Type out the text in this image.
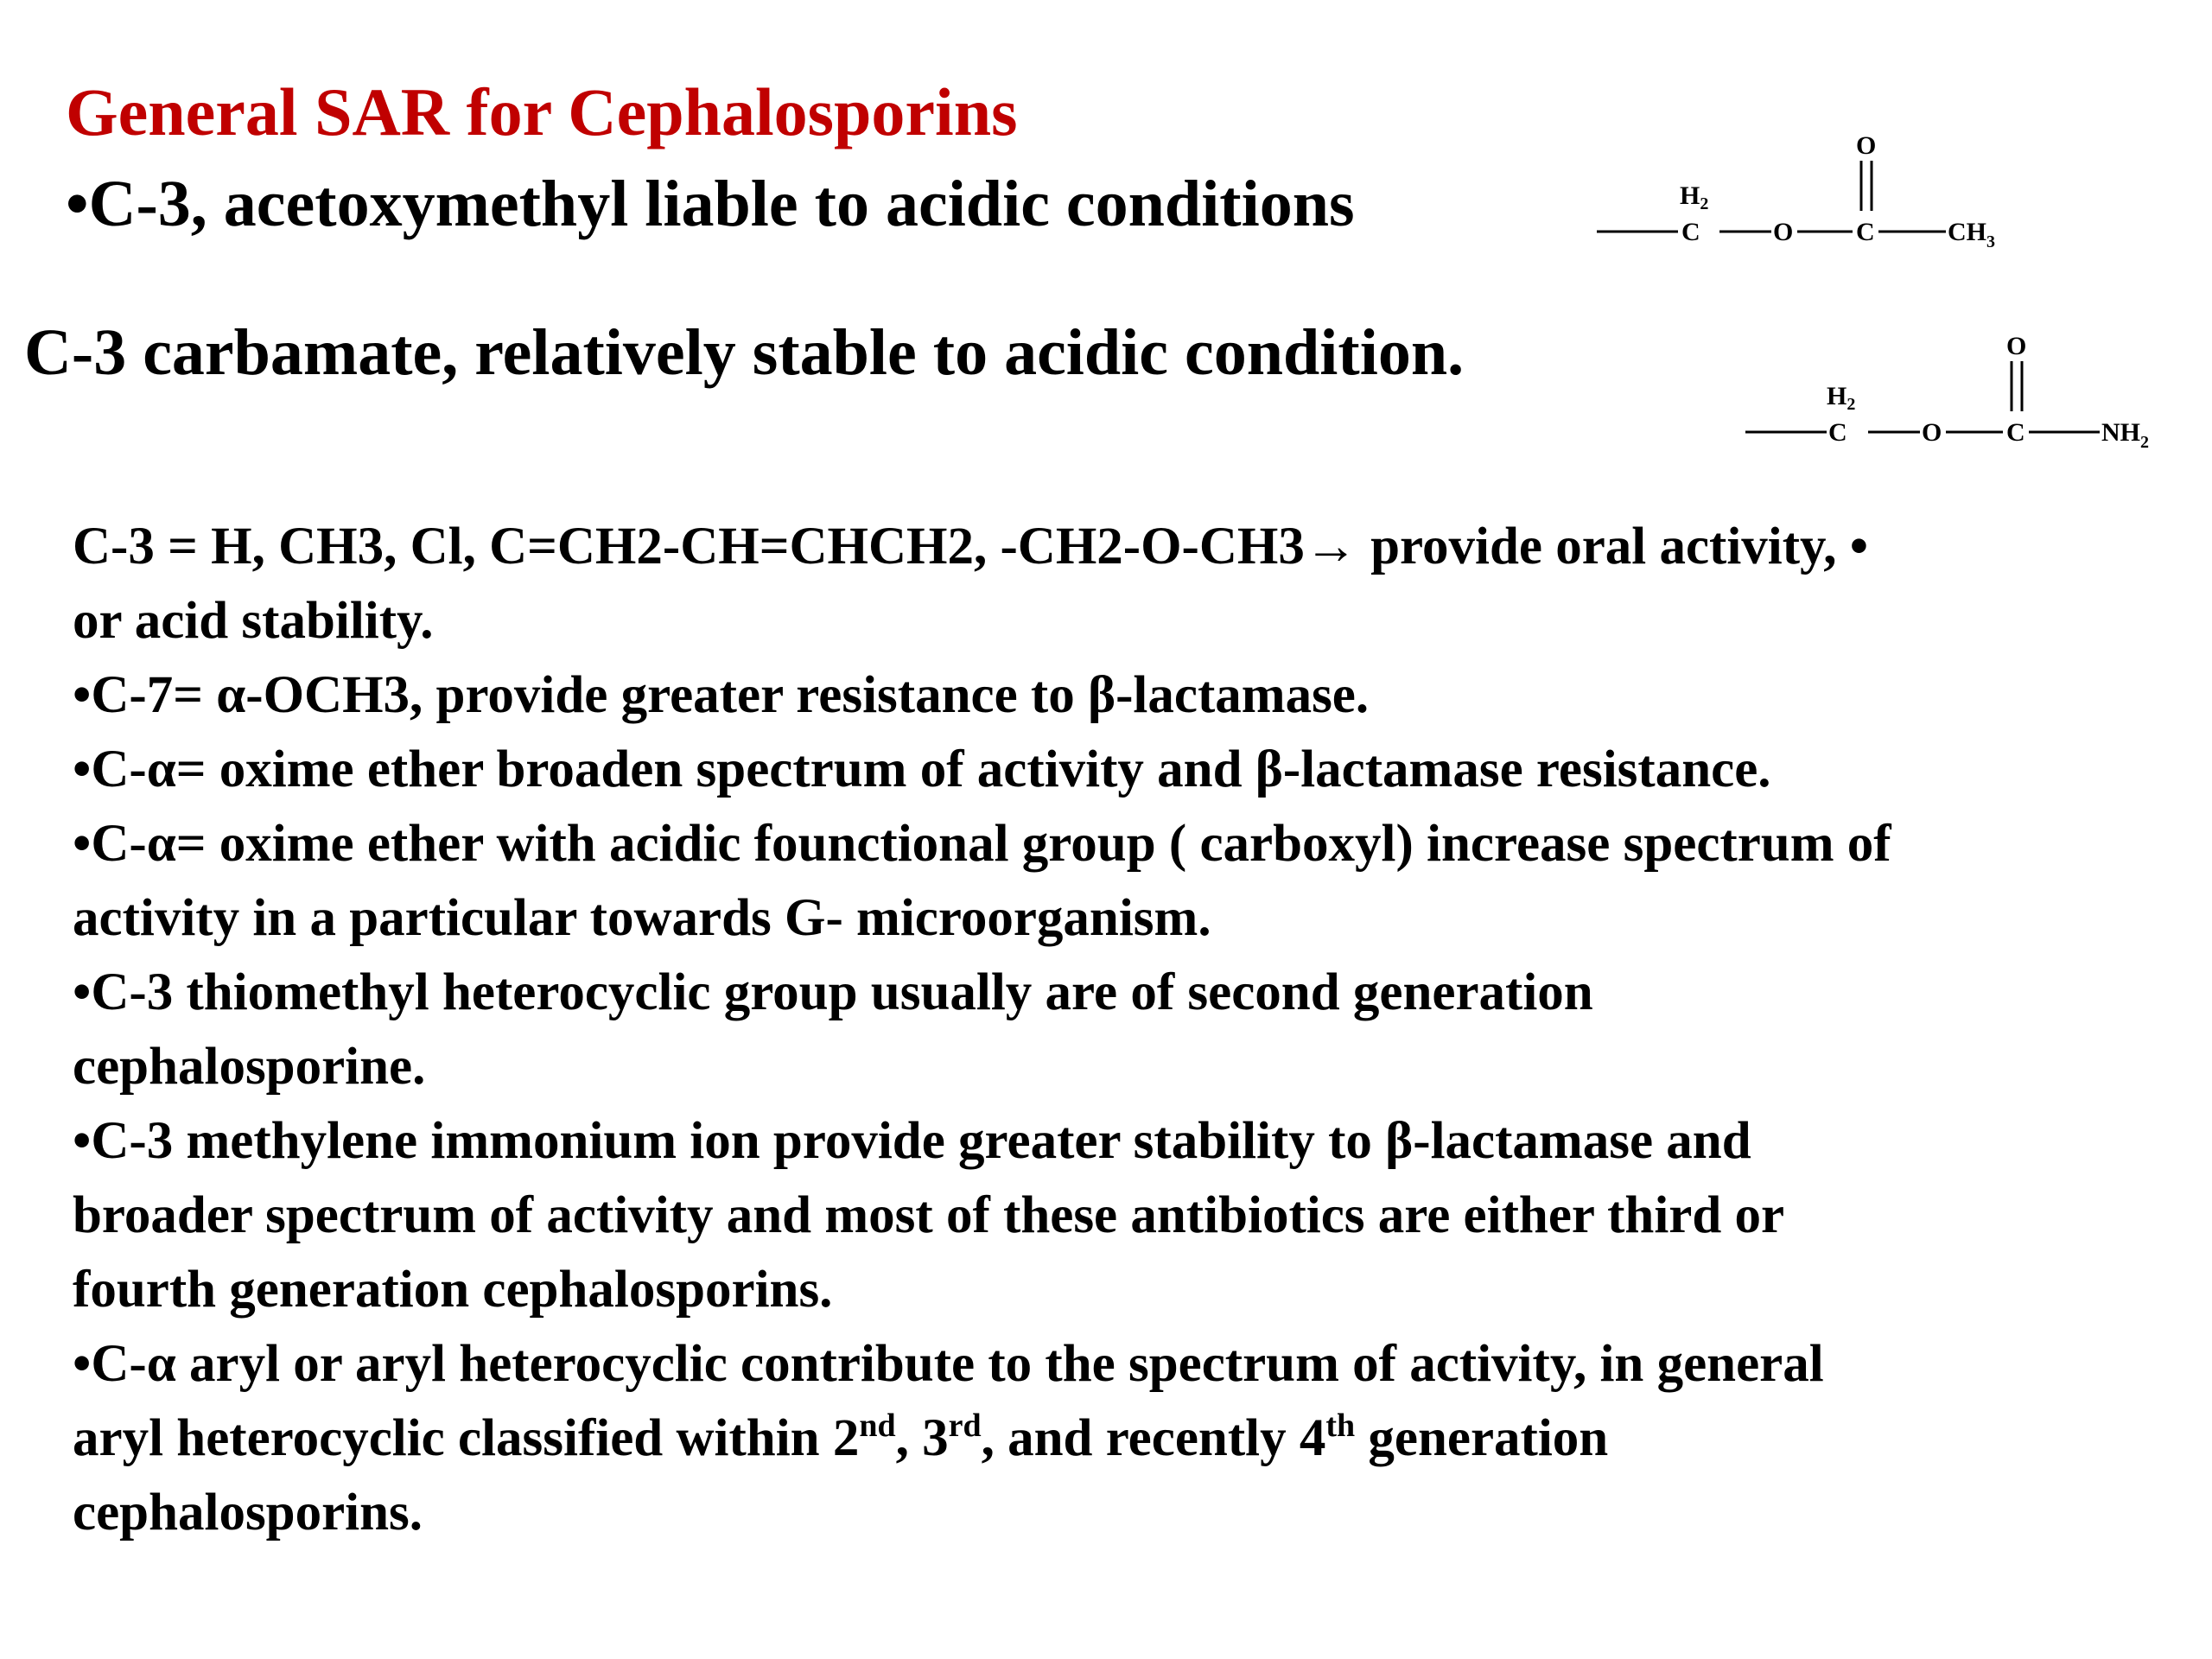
General SAR for Cephalosporins
•C-3, acetoxymethyl liable to acidic conditions
C-3 carbamate, relatively stable to acidic condition.
$H_2$
C	O
O
C	$CH_3$
$H_2$
C	O
O
C	$NH_2$
C-3 = H, CH3, Cl, C=CH2-CH=CHCH2, -CH2-O-CH3→ provide oral activity, •
or acid stability.
•C-7= α-OCH3, provide greater resistance to β-lactamase.
•C-α= oxime ether broaden spectrum of activity and β-lactamase resistance.
•C-α= oxime ether with acidic founctional group ( carboxyl) increase spectrum of
activity in a particular towards G- microorganism.
•C-3 thiomethyl heterocyclic group usually are of second generation
cephalosporine.
•C-3 methylene immonium ion provide greater stability to β-lactamase and
broader spectrum of activity and most of these antibiotics are either third or
fourth generation cephalosporins.
•C-α aryl or aryl heterocyclic contribute to the spectrum of activity, in general
aryl heterocyclic classified within 2nd, 3rd, and recently 4th generation
cephalosporins.
